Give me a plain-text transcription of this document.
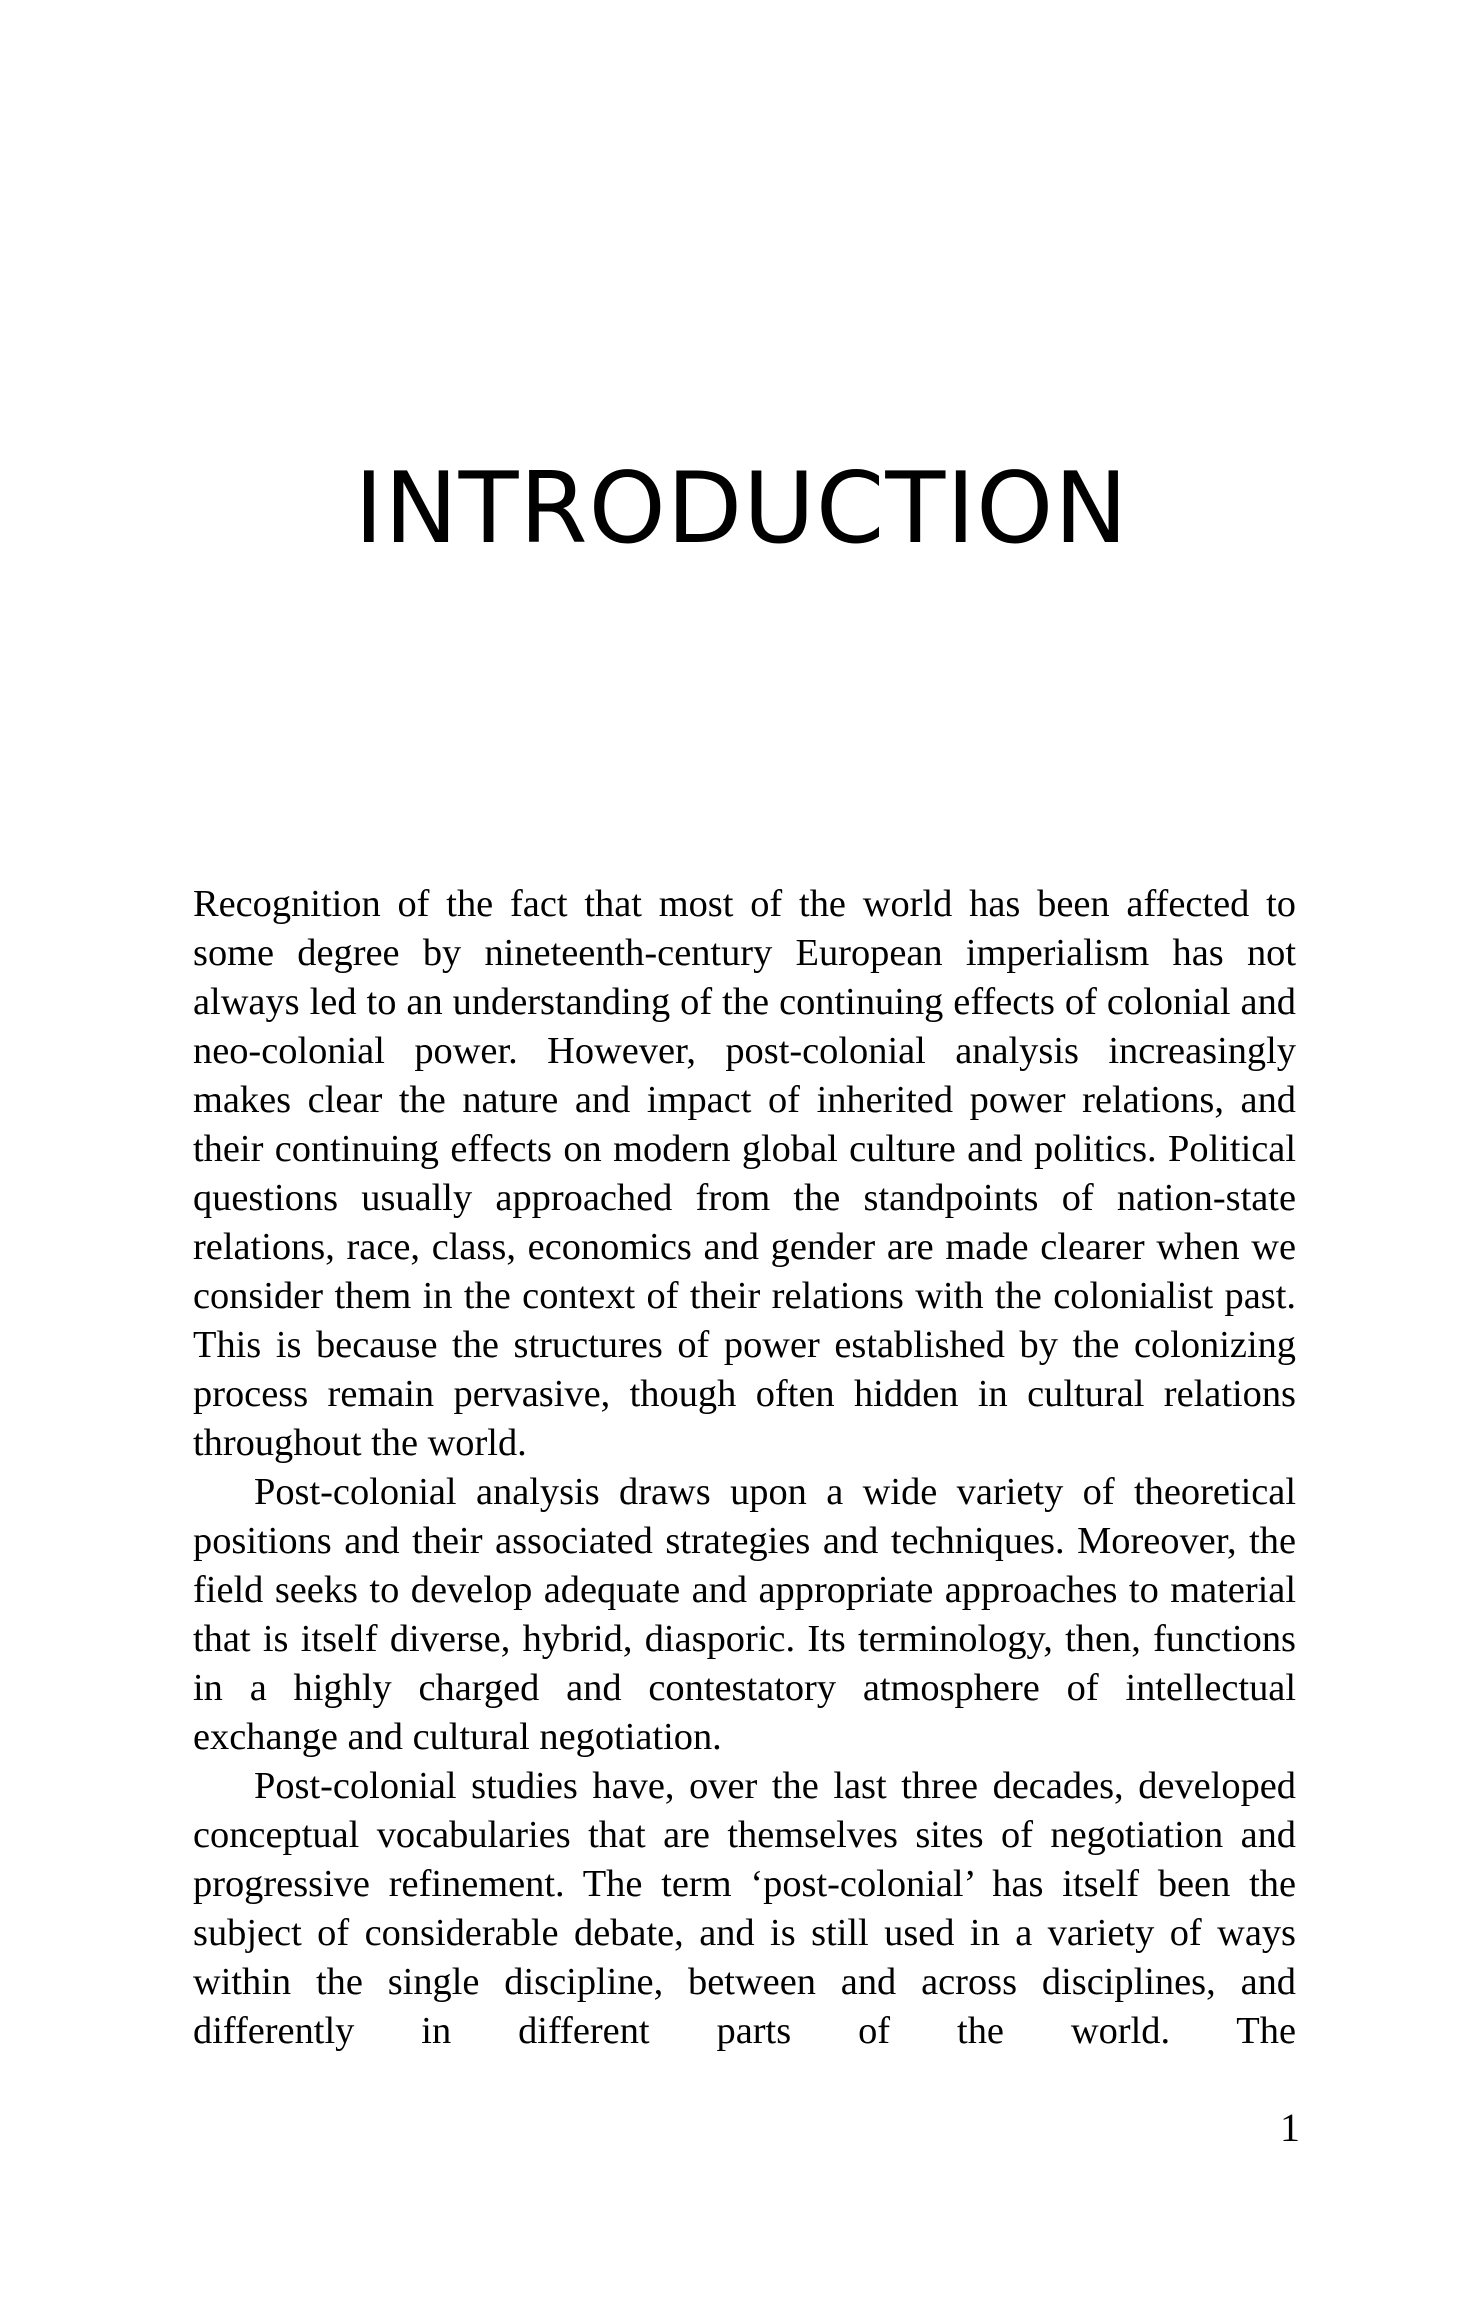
INTRODUCTION

Recognition of the fact that most of the world has been affected to some degree by nineteenth-century European imperialism has not always led to an understanding of the continuing effects of colonial and neo-colonial power. However, post-colonial analysis increasingly makes clear the nature and impact of inherited power relations, and their continuing effects on modern global culture and politics. Political questions usually approached from the standpoints of nation-state relations, race, class, economics and gender are made clearer when we consider them in the context of their relations with the colonialist past. This is because the structures of power established by the colonizing process remain pervasive, though often hidden in cultural relations throughout the world.

Post-colonial analysis draws upon a wide variety of theoretical positions and their associated strategies and techniques. Moreover, the field seeks to develop adequate and appropriate approaches to material that is itself diverse, hybrid, diasporic. Its terminology, then, functions in a highly charged and contestatory atmosphere of intellectual exchange and cultural negotiation.

Post-colonial studies have, over the last three decades, developed conceptual vocabularies that are themselves sites of negotiation and progressive refinement. The term ‘post-colonial’ has itself been the subject of considerable debate, and is still used in a variety of ways within the single discipline, between and across disciplines, and differently in different parts of the world. The

1
